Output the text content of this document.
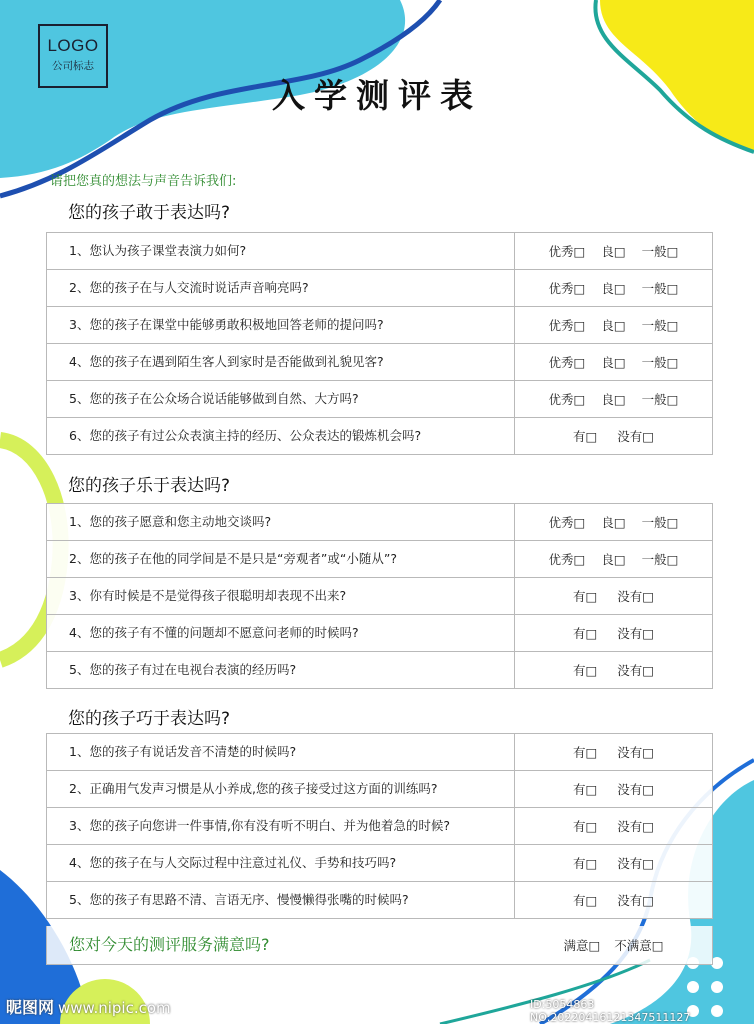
LOGO
公司标志
入学测评表
请把您真的想法与声音告诉我们:
您的孩子敢于表达吗?
1、您认为孩子课堂表演力如何?	优秀□ 良□ 一般□
2、您的孩子在与人交流时说话声音响亮吗?	优秀□ 良□ 一般□
3、您的孩子在课堂中能够勇敢积极地回答老师的提问吗?	优秀□ 良□ 一般□
4、您的孩子在遇到陌生客人到家时是否能做到礼貌见客?	优秀□ 良□ 一般□
5、您的孩子在公众场合说话能够做到自然、大方吗?	优秀□ 良□ 一般□
6、您的孩子有过公众表演主持的经历、公众表达的锻炼机会吗?	有□ 没有□
您的孩子乐于表达吗?
1、您的孩子愿意和您主动地交谈吗?	优秀□ 良□ 一般□
2、您的孩子在他的同学间是不是只是“旁观者”或“小随从”?	优秀□ 良□ 一般□
3、你有时候是不是觉得孩子很聪明却表现不出来?	有□ 没有□
4、您的孩子有不懂的问题却不愿意问老师的时候吗?	有□ 没有□
5、您的孩子有过在电视台表演的经历吗?	有□ 没有□
您的孩子巧于表达吗?
1、您的孩子有说话发音不清楚的时候吗?	有□ 没有□
2、正确用气发声习惯是从小养成,您的孩子接受过这方面的训练吗?	有□ 没有□
3、您的孩子向您讲一件事情,你有没有听不明白、并为他着急的时候?	有□ 没有□
4、您的孩子在与人交际过程中注意过礼仪、手势和技巧吗?	有□ 没有□
5、您的孩子有思路不清、言语无序、慢慢懒得张嘴的时候吗?	有□ 没有□
您对今天的测评服务满意吗?	满意□ 不满意□
昵图网 www.nipic.com	ID:5054863 NO:20220416121347511127
